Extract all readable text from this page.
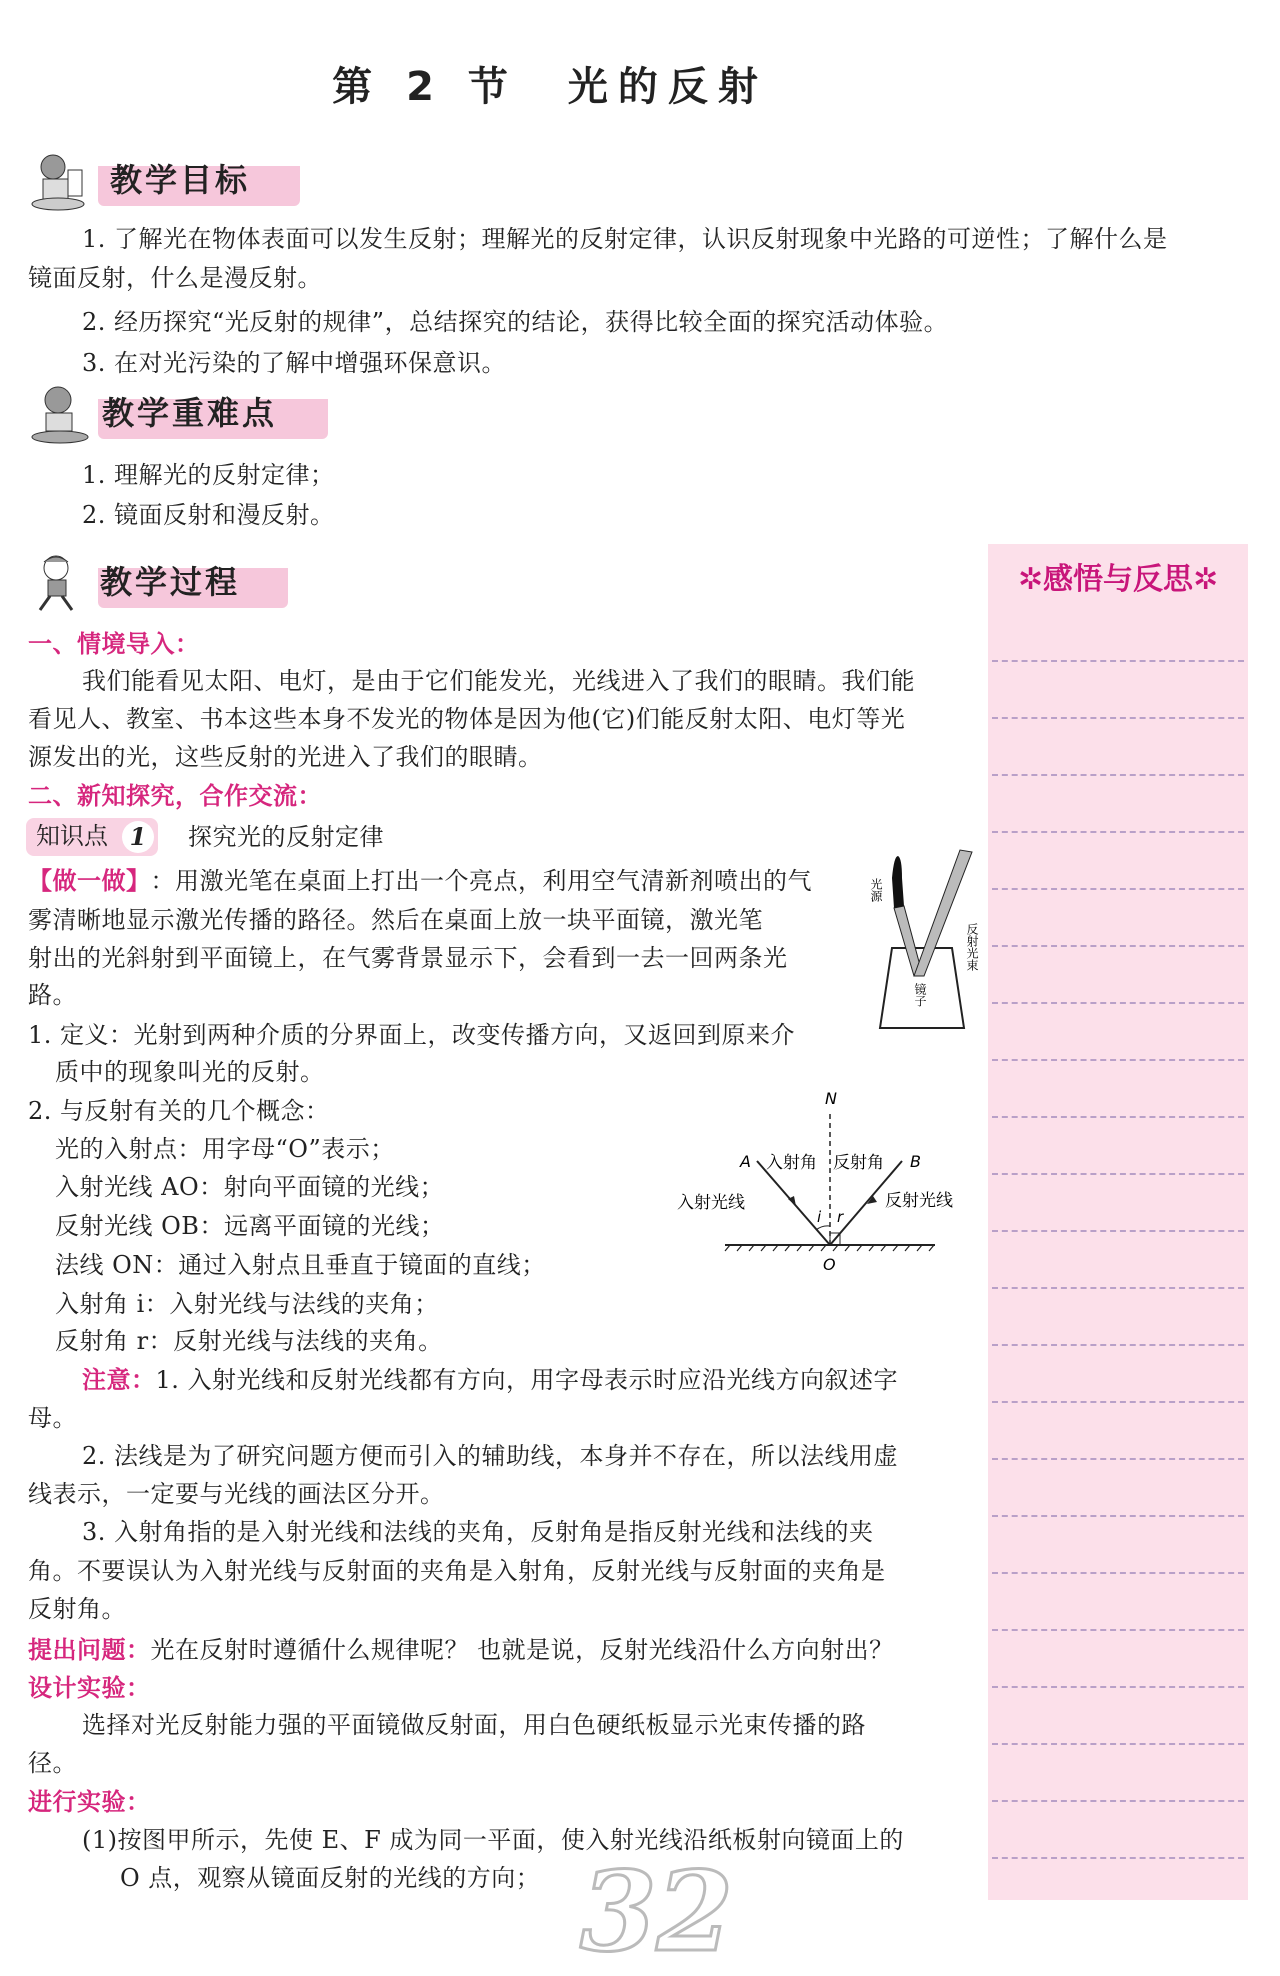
第 2 节　光的反射
教学目标
1. 了解光在物体表面可以发生反射；理解光的反射定律，认识反射现象中光路的可逆性；了解什么是
镜面反射，什么是漫反射。
2. 经历探究“光反射的规律”，总结探究的结论，获得比较全面的探究活动体验。
3. 在对光污染的了解中增强环保意识。
教学重难点
1. 理解光的反射定律；
2. 镜面反射和漫反射。
教学过程
一、情境导入：
我们能看见太阳、电灯，是由于它们能发光，光线进入了我们的眼睛。我们能
看见人、教室、书本这些本身不发光的物体是因为他(它)们能反射太阳、电灯等光
源发出的光，这些反射的光进入了我们的眼睛。
二、新知探究，合作交流：
知识点 1	探究光的反射定律
【做一做】：用激光笔在桌面上打出一个亮点，利用空气清新剂喷出的气
雾清晰地显示激光传播的路径。然后在桌面上放一块平面镜，激光笔
射出的光斜射到平面镜上，在气雾背景显示下，会看到一去一回两条光
路。
1. 定义：光射到两种介质的分界面上，改变传播方向，又返回到原来介
质中的现象叫光的反射。
2. 与反射有关的几个概念：
光的入射点：用字母“O”表示；
入射光线 AO：射向平面镜的光线；
反射光线 OB：远离平面镜的光线；
法线 ON：通过入射点且垂直于镜面的直线；
入射角 i：入射光线与法线的夹角；
反射角 r：反射光线与法线的夹角。
注意：1. 入射光线和反射光线都有方向，用字母表示时应沿光线方向叙述字
母。
2. 法线是为了研究问题方便而引入的辅助线，本身并不存在，所以法线用虚
线表示，一定要与光线的画法区分开。
3. 入射角指的是入射光线和法线的夹角，反射角是指反射光线和法线的夹
角。不要误认为入射光线与反射面的夹角是入射角，反射光线与反射面的夹角是
反射角。
提出问题：光在反射时遵循什么规律呢？ 也就是说，反射光线沿什么方向射出？
设计实验：
选择对光反射能力强的平面镜做反射面，用白色硬纸板显示光束传播的路
径。
进行实验：
(1)按图甲所示，先使 E、F 成为同一平面，使入射光线沿纸板射向镜面上的
O 点，观察从镜面反射的光线的方向；
光源
反射光束
镜子
N
A	B
O
i r
入射角 反射角
入射光线	反射光线
✲感悟与反思✲
32
